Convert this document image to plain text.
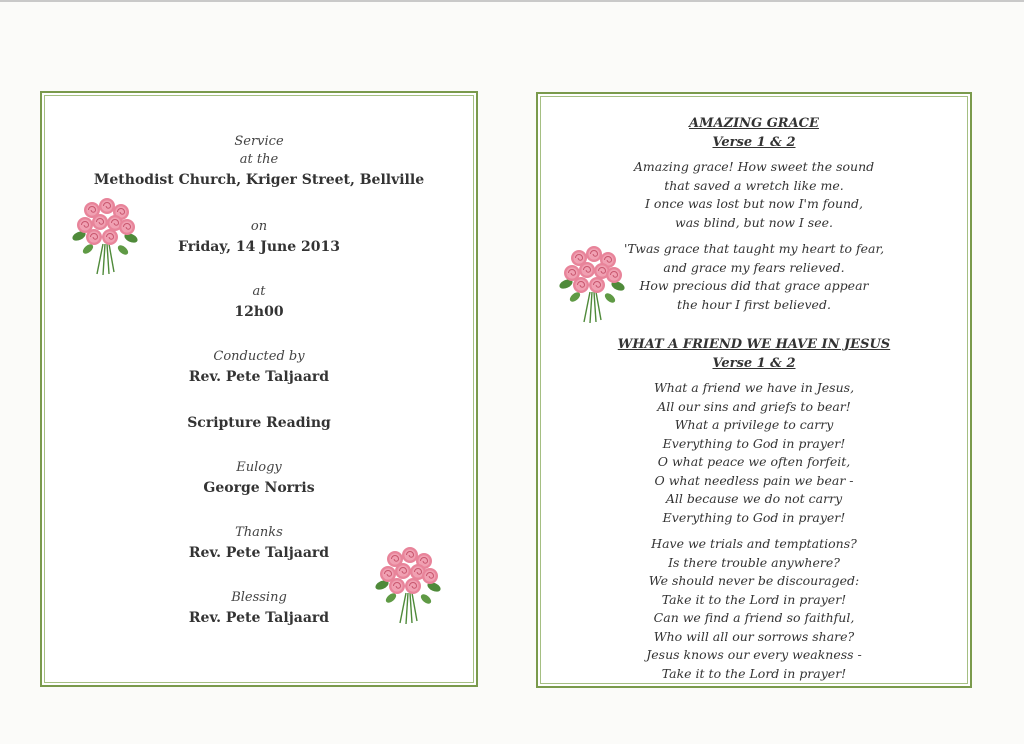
Service
at the
Methodist Church, Kriger Street, Bellville
on
Friday, 14 June 2013
at
12h00
Conducted by
Rev. Pete Taljaard
Scripture Reading
Eulogy
George Norris
Thanks
Rev. Pete Taljaard
Blessing
Rev. Pete Taljaard
AMAZING GRACE
Verse 1 & 2
Amazing grace! How sweet the sound
that saved a wretch like me.
I once was lost but now I'm found,
was blind, but now I see.
'Twas grace that taught my heart to fear,
and grace my fears relieved.
How precious did that grace appear
the hour I first believed.
WHAT A FRIEND WE HAVE IN JESUS
Verse 1 & 2
What a friend we have in Jesus,
All our sins and griefs to bear!
What a privilege to carry
Everything to God in prayer!
O what peace we often forfeit,
O what needless pain we bear -
All because we do not carry
Everything to God in prayer!
Have we trials and temptations?
Is there trouble anywhere?
We should never be discouraged:
Take it to the Lord in prayer!
Can we find a friend so faithful,
Who will all our sorrows share?
Jesus knows our every weakness -
Take it to the Lord in prayer!
